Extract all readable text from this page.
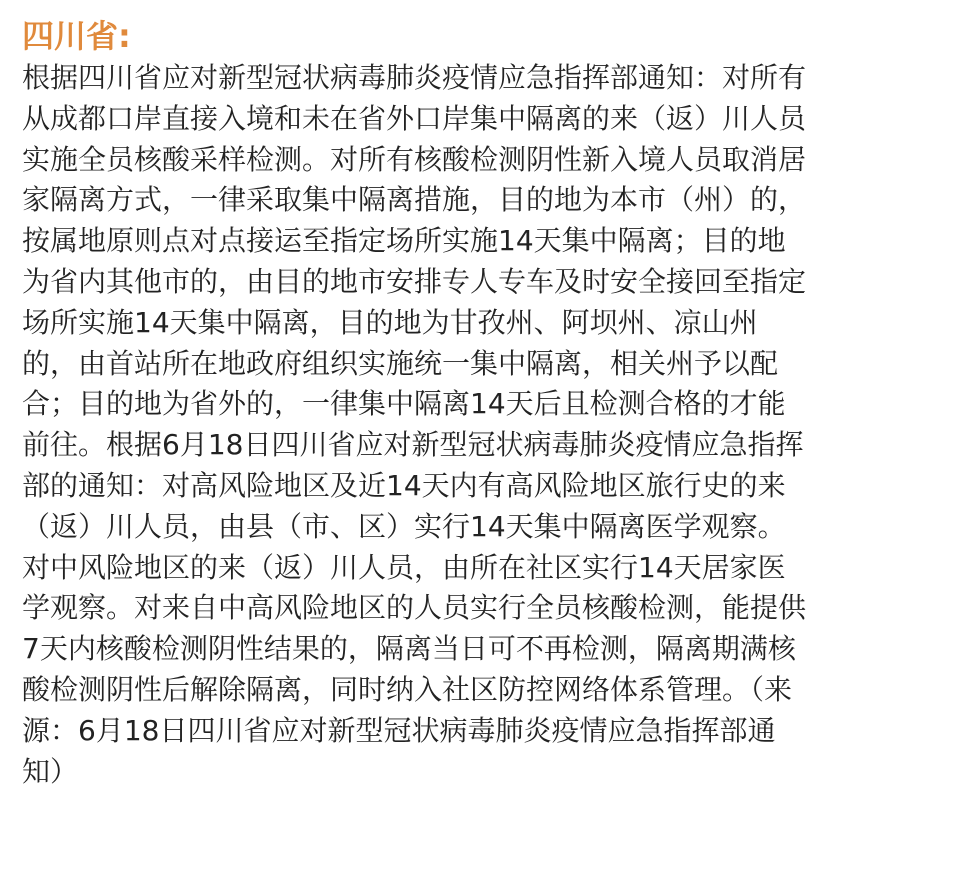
四川省:
根据四川省应对新型冠状病毒肺炎疫情应急指挥部通知：对所有
从成都口岸直接入境和未在省外口岸集中隔离的来（返）川人员
实施全员核酸采样检测。对所有核酸检测阴性新入境人员取消居
家隔离方式，一律采取集中隔离措施，目的地为本市（州）的，
按属地原则点对点接运至指定场所实施14天集中隔离；目的地
为省内其他市的，由目的地市安排专人专车及时安全接回至指定
场所实施14天集中隔离，目的地为甘孜州、阿坝州、凉山州
的，由首站所在地政府组织实施统一集中隔离，相关州予以配
合；目的地为省外的，一律集中隔离14天后且检测合格的才能
前往。根据6月18日四川省应对新型冠状病毒肺炎疫情应急指挥
部的通知：对高风险地区及近14天内有高风险地区旅行史的来
（返）川人员，由县（市、区）实行14天集中隔离医学观察。
对中风险地区的来（返）川人员，由所在社区实行14天居家医
学观察。对来自中高风险地区的人员实行全员核酸检测，能提供
7天内核酸检测阴性结果的，隔离当日可不再检测，隔离期满核
酸检测阴性后解除隔离，同时纳入社区防控网络体系管理。（来
源：6月18日四川省应对新型冠状病毒肺炎疫情应急指挥部通
知）
